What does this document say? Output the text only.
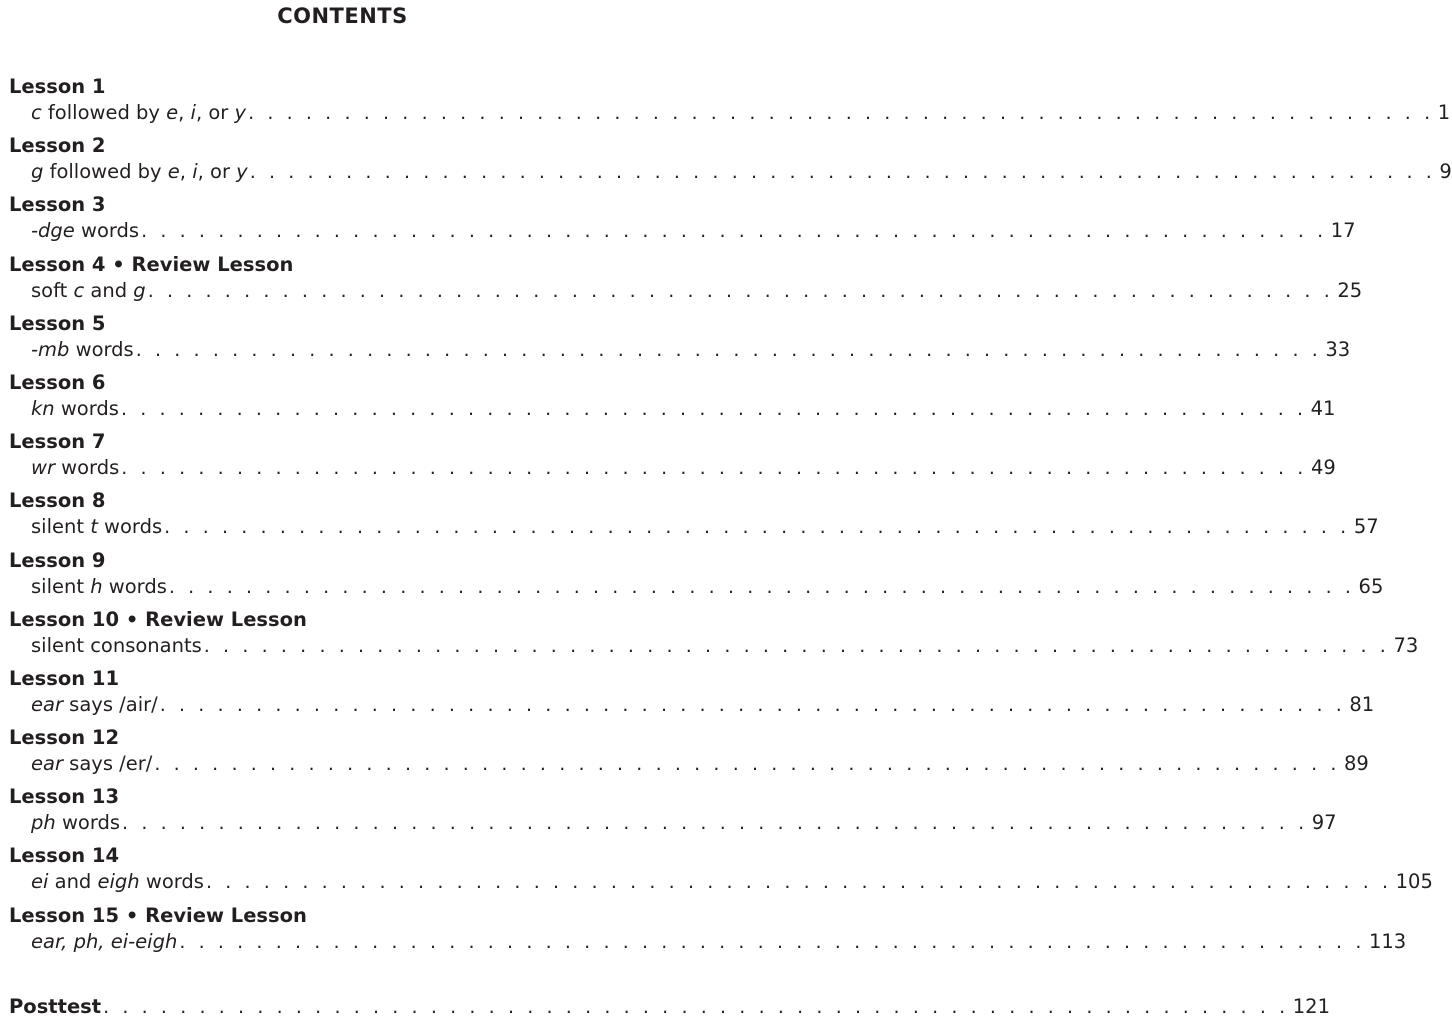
CONTENTS
Lesson 1
c followed by e, i, or y . . . . . . . . . . . . . . . . . . . . . . . . . . . . . . . . . . . . . . . . . . . . . . . . . . . . . . . . . . . . . . 1
Lesson 2
g followed by e, i, or y . . . . . . . . . . . . . . . . . . . . . . . . . . . . . . . . . . . . . . . . . . . . . . . . . . . . . . . . . . . . . . 9
Lesson 3
-dge words . . . . . . . . . . . . . . . . . . . . . . . . . . . . . . . . . . . . . . . . . . . . . . . . . . . . . . . . . . . . . . 17
Lesson 4 • Review Lesson
soft c and g . . . . . . . . . . . . . . . . . . . . . . . . . . . . . . . . . . . . . . . . . . . . . . . . . . . . . . . . . . . . . . 25
Lesson 5
-mb words . . . . . . . . . . . . . . . . . . . . . . . . . . . . . . . . . . . . . . . . . . . . . . . . . . . . . . . . . . . . . . 33
Lesson 6
kn words . . . . . . . . . . . . . . . . . . . . . . . . . . . . . . . . . . . . . . . . . . . . . . . . . . . . . . . . . . . . . . 41
Lesson 7
wr words . . . . . . . . . . . . . . . . . . . . . . . . . . . . . . . . . . . . . . . . . . . . . . . . . . . . . . . . . . . . . . 49
Lesson 8
silent t words . . . . . . . . . . . . . . . . . . . . . . . . . . . . . . . . . . . . . . . . . . . . . . . . . . . . . . . . . . . . . . 57
Lesson 9
silent h words . . . . . . . . . . . . . . . . . . . . . . . . . . . . . . . . . . . . . . . . . . . . . . . . . . . . . . . . . . . . . . 65
Lesson 10 • Review Lesson
silent consonants . . . . . . . . . . . . . . . . . . . . . . . . . . . . . . . . . . . . . . . . . . . . . . . . . . . . . . . . . . . . . . 73
Lesson 11
ear says /air/ . . . . . . . . . . . . . . . . . . . . . . . . . . . . . . . . . . . . . . . . . . . . . . . . . . . . . . . . . . . . . . 81
Lesson 12
ear says /er/ . . . . . . . . . . . . . . . . . . . . . . . . . . . . . . . . . . . . . . . . . . . . . . . . . . . . . . . . . . . . . . 89
Lesson 13
ph words . . . . . . . . . . . . . . . . . . . . . . . . . . . . . . . . . . . . . . . . . . . . . . . . . . . . . . . . . . . . . . 97
Lesson 14
ei and eigh words . . . . . . . . . . . . . . . . . . . . . . . . . . . . . . . . . . . . . . . . . . . . . . . . . . . . . . . . . . . . . . 105
Lesson 15 • Review Lesson
ear, ph, ei-eigh . . . . . . . . . . . . . . . . . . . . . . . . . . . . . . . . . . . . . . . . . . . . . . . . . . . . . . . . . . . . . . 113
Posttest . . . . . . . . . . . . . . . . . . . . . . . . . . . . . . . . . . . . . . . . . . . . . . . . . . . . . . . . . . . . . . 121
